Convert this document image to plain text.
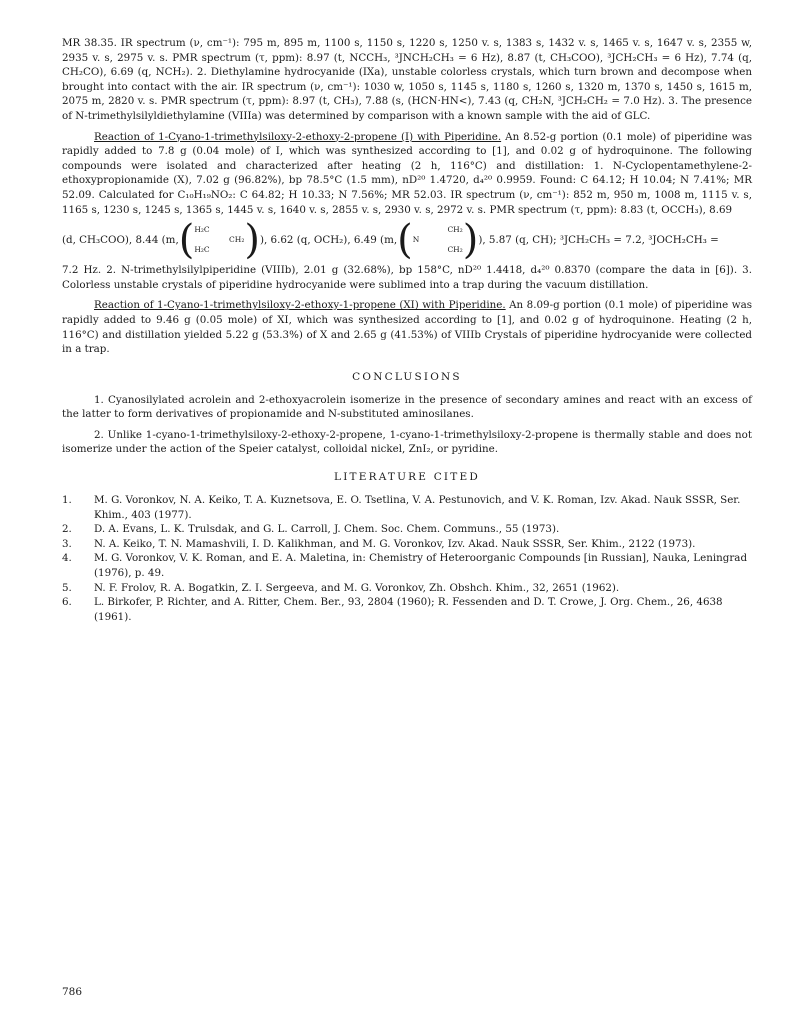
MR 38.35. IR spectrum (ν, cm⁻¹): 795 m, 895 m, 1100 s, 1150 s, 1220 s, 1250 v. s, 1383 s, 1432 v. s, 1465 v. s, 1647 v. s, 2355 w, 2935 v. s, 2975 v. s. PMR spectrum (τ, ppm): 8.97 (t, NCCH₃, ³JNCH₂CH₃ = 6 Hz), 8.87 (t, CH₃COO), ³JCH₂CH₃ = 6 Hz), 7.74 (q, CH₂CO), 6.69 (q, NCH₂). 2. Diethylamine hydrocyanide (IXa), unstable colorless crystals, which turn brown and decompose when brought into contact with the air. IR spectrum (ν, cm⁻¹): 1030 w, 1050 s, 1145 s, 1180 s, 1260 s, 1320 m, 1370 s, 1450 s, 1615 m, 2075 m, 2820 v. s. PMR spectrum (τ, ppm): 8.97 (t, CH₃), 7.88 (s, (HCN·HN<), 7.43 (q, CH₂N, ³JCH₂CH₂ = 7.0 Hz). 3. The presence of N-trimethylsilyldiethylamine (VIIIa) was determined by comparison with a known sample with the aid of GLC.

Reaction of 1-Cyano-1-trimethylsiloxy-2-ethoxy-2-propene (I) with Piperidine. An 8.52-g portion (0.1 mole) of piperidine was rapidly added to 7.8 g (0.04 mole) of I, which was synthesized according to [1], and 0.02 g of hydroquinone. The following compounds were isolated and characterized after heating (2 h, 116°C) and distillation: 1. N-Cyclopentamethylene-2-ethoxypropionamide (X), 7.02 g (96.82%), bp 78.5°C (1.5 mm), nD²⁰ 1.4720, d₄²⁰ 0.9959. Found: C 64.12; H 10.04; N 7.41%; MR 52.09. Calculated for C₁₀H₁₉NO₂: C 64.82; H 10.33; N 7.56%; MR 52.03. IR spectrum (ν, cm⁻¹): 852 m, 950 m, 1008 m, 1115 v. s, 1165 s, 1230 s, 1245 s, 1365 s, 1445 v. s, 1640 v. s, 2855 v. s, 2930 v. s, 2972 v. s. PMR spectrum (τ, ppm): 8.83 (t, OCCH₃), 8.69

(d, CH₃COO), 8.44 (m, ( H₂C
CH₂
H₂C ) ), 6.62 (q, OCH₂), 6.49 (m, (	CH₂
N
CH₂ ) ), 5.87 (q, CH); ³JCH₂CH₃ = 7.2, ³JOCH₂CH₃ =

7.2 Hz. 2. N-trimethylsilylpiperidine (VIIIb), 2.01 g (32.68%), bp 158°C, nD²⁰ 1.4418, d₄²⁰ 0.8370 (compare the data in [6]). 3. Colorless unstable crystals of piperidine hydrocyanide were sublimed into a trap during the vacuum distillation.

Reaction of 1-Cyano-1-trimethylsiloxy-2-ethoxy-1-propene (XI) with Piperidine. An 8.09-g portion (0.1 mole) of piperidine was rapidly added to 9.46 g (0.05 mole) of XI, which was synthesized according to [1], and 0.02 g of hydroquinone. Heating (2 h, 116°C) and distillation yielded 5.22 g (53.3%) of X and 2.65 g (41.53%) of VIIIb Crystals of piperidine hydrocyanide were collected in a trap.

CONCLUSIONS

1. Cyanosilylated acrolein and 2-ethoxyacrolein isomerize in the presence of secondary amines and react with an excess of the latter to form derivatives of propionamide and N-substituted aminosilanes.

2. Unlike 1-cyano-1-trimethylsiloxy-2-ethoxy-2-propene, 1-cyano-1-trimethylsiloxy-2-propene is thermally stable and does not isomerize under the action of the Speier catalyst, colloidal nickel, ZnI₂, or pyridine.

LITERATURE CITED
1.	M. G. Voronkov, N. A. Keiko, T. A. Kuznetsova, E. O. Tsetlina, V. A. Pestunovich, and V. K. Roman, Izv. Akad. Nauk SSSR, Ser. Khim., 403 (1977).
2.	D. A. Evans, L. K. Trulsdak, and G. L. Carroll, J. Chem. Soc. Chem. Communs., 55 (1973).
3.	N. A. Keiko, T. N. Mamashvili, I. D. Kalikhman, and M. G. Voronkov, Izv. Akad. Nauk SSSR, Ser. Khim., 2122 (1973).
4.	M. G. Voronkov, V. K. Roman, and E. A. Maletina, in: Chemistry of Heteroorganic Compounds [in Russian], Nauka, Leningrad (1976), p. 49.
5.	N. F. Frolov, R. A. Bogatkin, Z. I. Sergeeva, and M. G. Voronkov, Zh. Obshch. Khim., 32, 2651 (1962).
6.	L. Birkofer, P. Richter, and A. Ritter, Chem. Ber., 93, 2804 (1960); R. Fessenden and D. T. Crowe, J. Org. Chem., 26, 4638 (1961).
786
